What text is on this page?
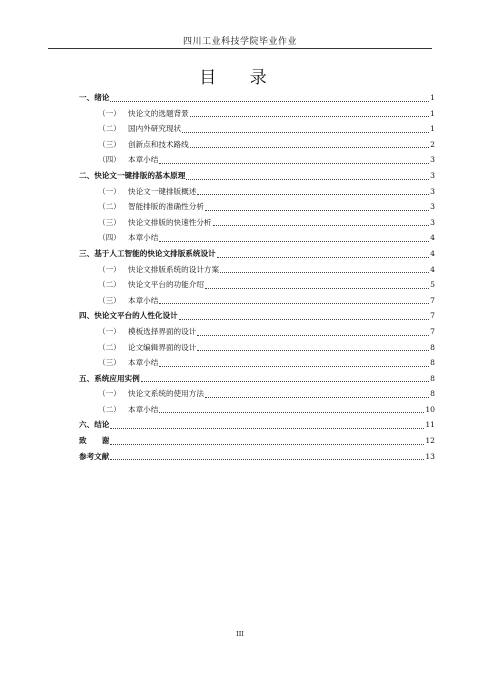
四川工业科技学院毕业作业
目 录
一、 绪论	1
（一） 快论文的选题背景	1
（二） 国内外研究现状	1
（三） 创新点和技术路线	2
（四） 本章小结	3
二、 快论文一键排版的基本原理	3
（一） 快论文一键排版概述	3
（二） 智能排版的准确性分析	3
（三） 快论文排版的快速性分析	3
（四） 本章小结	4
三、 基于人工智能的快论文排版系统设计	4
（一） 快论文排版系统的设计方案	4
（二） 快论文平台的功能介绍	5
（三） 本章小结	7
四、 快论文平台的人性化设计	7
（一） 模板选择界面的设计	7
（二） 论文编辑界面的设计	8
（三） 本章小结	8
五、 系统应用实例	8
（一） 快论文系统的使用方法	8
（二） 本章小结	10
六、 结论	11
致　　谢	12
参考文献	13
III
